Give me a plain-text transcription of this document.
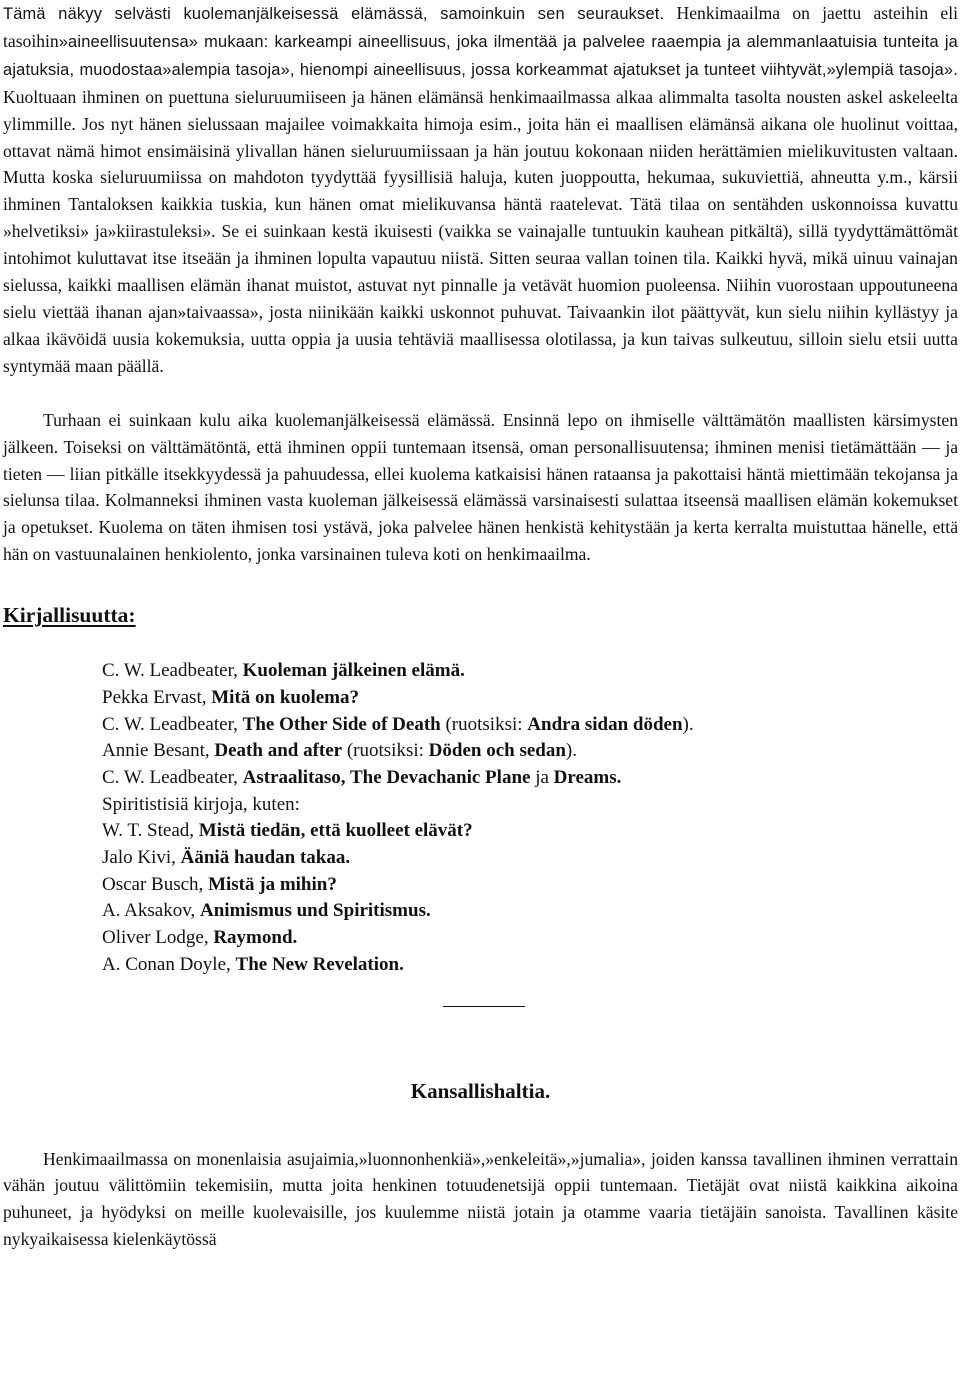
Tämä näkyy selvästi kuolemanjälkeisessä elämässä, samoinkuin sen seuraukset. Henkimaailma on jaettu asteihin eli tasoihin»aineellisuutensa» mukaan: karkeampi aineellisuus, joka ilmentää ja palvelee raaempia ja alemmanlaatuisia tunteita ja ajatuksia, muodostaa»alempia tasoja», hienompi aineellisuus, jossa korkeammat ajatukset ja tunteet viihtyvät,»ylempiä tasoja». Kuoltuaan ihminen on puettuna sieluruumiiseen ja hänen elämänsä henkimaailmassa alkaa alimmalta tasolta nousten askel askeleelta ylimmille. Jos nyt hänen sielussaan majailee voimakkaita himoja esim., joita hän ei maallisen elämänsä aikana ole huolinut voittaa, ottavat nämä himot ensimäisinä ylivallan hänen sieluruumiissaan ja hän joutuu kokonaan niiden herättämien mielikuvitusten valtaan. Mutta koska sieluruumiissa on mahdoton tyydyttää fyysillisiä haluja, kuten juoppoutta, hekumaa, sukuviettiä, ahneutta y.m., kärsii ihminen Tantaloksen kaikkia tuskia, kun hänen omat mielikuvansa häntä raatelevat. Tätä tilaa on sentähden uskonnoissa kuvattu »helvetiksi» ja»kiirastuleksi». Se ei suinkaan kestä ikuisesti (vaikka se vainajalle tuntuukin kauhean pitkältä), sillä tyydyttämättömät intohimot kuluttavat itse itseään ja ihminen lopulta vapautuu niistä. Sitten seuraa vallan toinen tila. Kaikki hyvä, mikä uinuu vainajan sielussa, kaikki maallisen elämän ihanat muistot, astuvat nyt pinnalle ja vetävät huomion puoleensa. Niihin vuorostaan uppoutuneena sielu viettää ihanan ajan»taivaassa», josta niinikään kaikki uskonnot puhuvat. Taivaankin ilot päättyvät, kun sielu niihin kyllästyy ja alkaa ikävöidä uusia kokemuksia, uutta oppia ja uusia tehtäviä maallisessa olotilassa, ja kun taivas sulkeutuu, silloin sielu etsii uutta syntymää maan päällä.

Turhaan ei suinkaan kulu aika kuolemanjälkeisessä elämässä. Ensinnä lepo on ihmiselle välttämätön maallisten kärsimysten jälkeen. Toiseksi on välttämätöntä, että ihminen oppii tuntemaan itsensä, oman personallisuutensa; ihminen menisi tietämättään — ja tieten — liian pitkälle itsekkyydessä ja pahuudessa, ellei kuolema katkaisisi hänen rataansa ja pakottaisi häntä miettimään tekojansa ja sielunsa tilaa. Kolmanneksi ihminen vasta kuoleman jälkeisessä elämässä varsinaisesti sulattaa itseensä maallisen elämän kokemukset ja opetukset. Kuolema on täten ihmisen tosi ystävä, joka palvelee hänen henkistä kehitystään ja kerta kerralta muistuttaa hänelle, että hän on vastuunalainen henkiolento, jonka varsinainen tuleva koti on henkimaailma.

Kirjallisuutta:
C. W. Leadbeater, Kuoleman jälkeinen elämä.
Pekka Ervast, Mitä on kuolema?
C. W. Leadbeater, The Other Side of Death (ruotsiksi: Andra sidan döden).
Annie Besant, Death and after (ruotsiksi: Döden och sedan).
C. W. Leadbeater, Astraalitaso, The Devachanic Plane ja Dreams.
Spiritistisiä kirjoja, kuten:
W. T. Stead, Mistä tiedän, että kuolleet elävät?
Jalo Kivi, Ääniä haudan takaa.
Oscar Busch, Mistä ja mihin?
A. Aksakov, Animismus und Spiritismus.
Oliver Lodge, Raymond.
A. Conan Doyle, The New Revelation.
Kansallishaltia.

Henkimaailmassa on monenlaisia asujaimia,»luonnonhenkiä»,»enkeleitä»,»jumalia», joiden kanssa tavallinen ihminen verrattain vähän joutuu välittömiin tekemisiin, mutta joita henkinen totuudenetsijä oppii tuntemaan. Tietäjät ovat niistä kaikkina aikoina puhuneet, ja hyödyksi on meille kuolevaisille, jos kuulemme niistä jotain ja otamme vaaria tietäjäin sanoista. Tavallinen käsite nykyaikaisessa kielenkäytössä
